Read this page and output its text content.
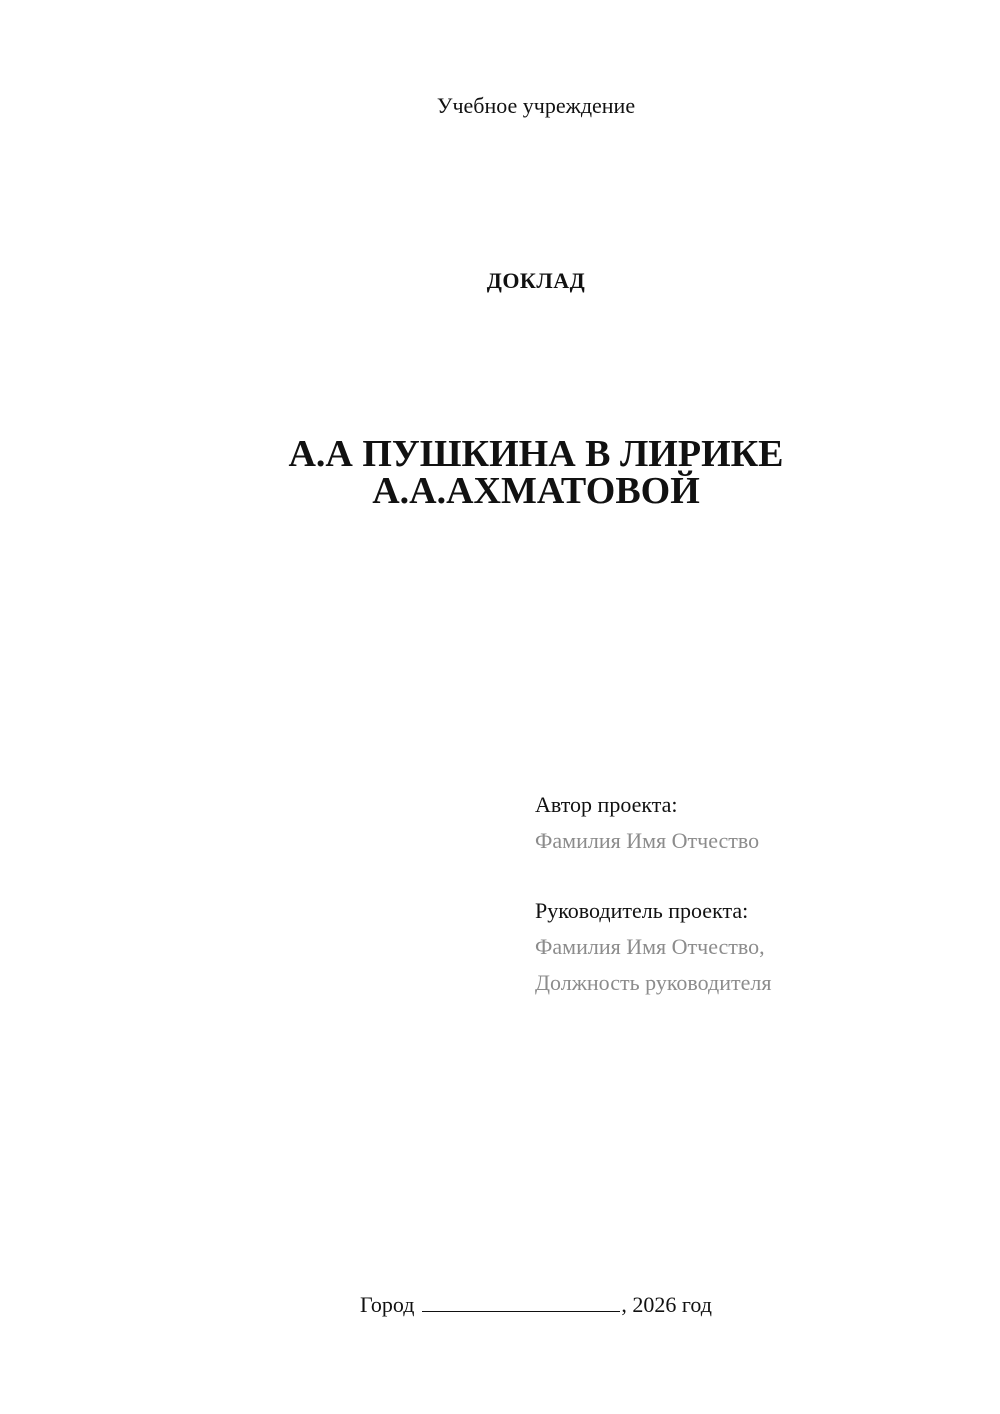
Учебное учреждение
ДОКЛАД
А.А ПУШКИНА В ЛИРИКЕ
А.А.АХМАТОВОЙ
Автор проекта:
Фамилия Имя Отчество
Руководитель проекта:
Фамилия Имя Отчество,
Должность руководителя
Город	, 2026 год
